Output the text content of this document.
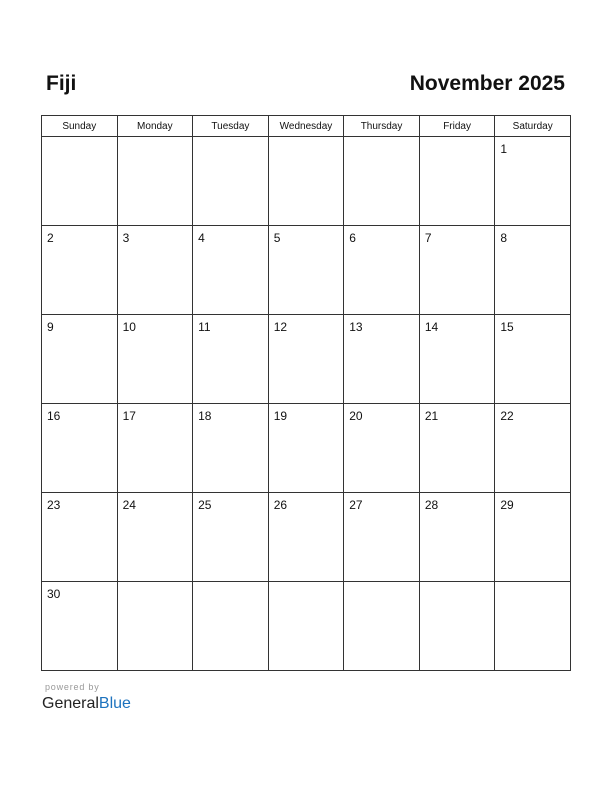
Fiji	November 2025
Sunday	Monday	Tuesday	Wednesday	Thursday	Friday	Saturday

						1

2	3	4	5	6	7	8

9	10	11	12	13	14	15

16	17	18	19	20	21	22

23	24	25	26	27	28	29

30						

powered by
GeneralBlue
